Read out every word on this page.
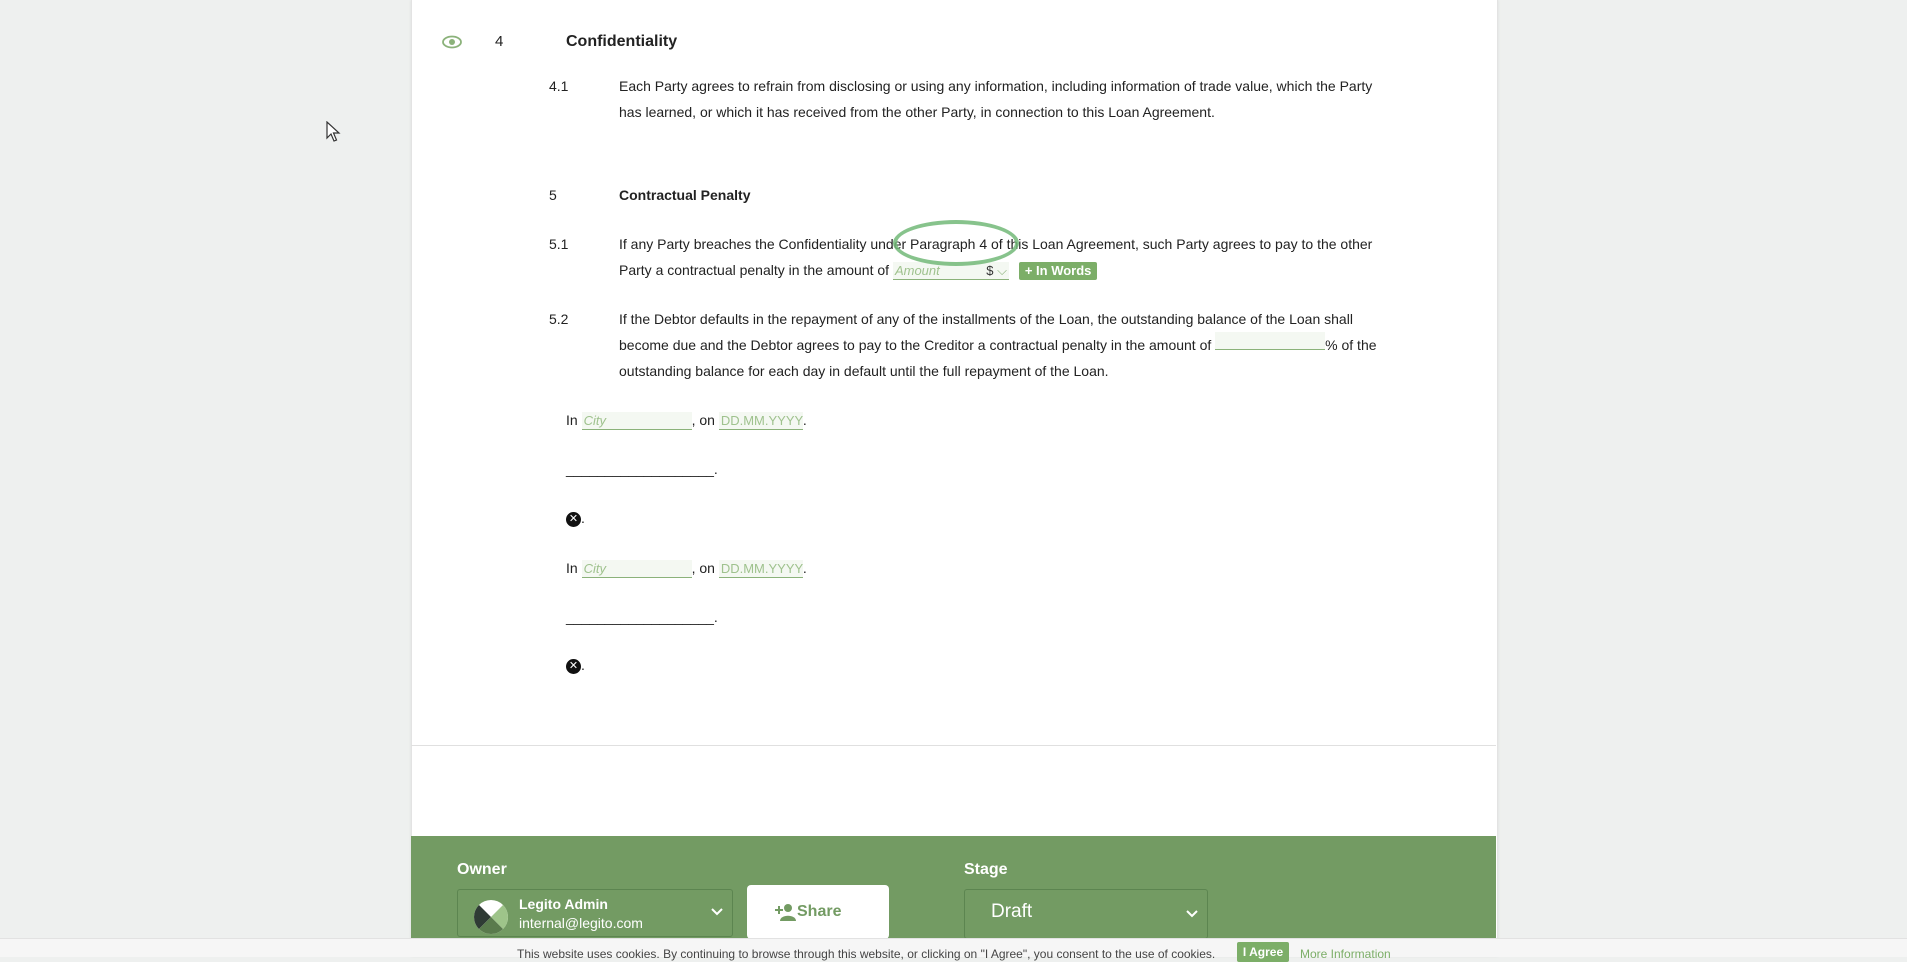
4	Confidentiality
4.1	Each Party agrees to refrain from disclosing or using any information, including information of trade value, which the Party
has learned, or which it has received from the other Party, in connection to this Loan Agreement.
5	Contractual Penalty
5.1	If any Party breaches the Confidentiality under Paragraph 4 of this Loan Agreement, such Party agrees to pay to the other
Party a contractual penalty in the amount of Amount	$ ⌵ + In Words
5.2	If the Debtor defaults in the repayment of any of the installments of the Loan, the outstanding balance of the Loan shall
become due and the Debtor agrees to pay to the Creditor a contractual penalty in the amount of	% of the
outstanding balance for each day in default until the full repayment of the Loan.
In City	, on DD.MM.YYYY.
___________________.
✕ .
In City	, on DD.MM.YYYY.
___________________.
✕ .
Owner
Legito Admin
internal@legito.com
Share
Stage
Draft
This website uses cookies. By continuing to browse through this website, or clicking on "I Agree", you consent to the use of cookies.	I Agree	More Information
